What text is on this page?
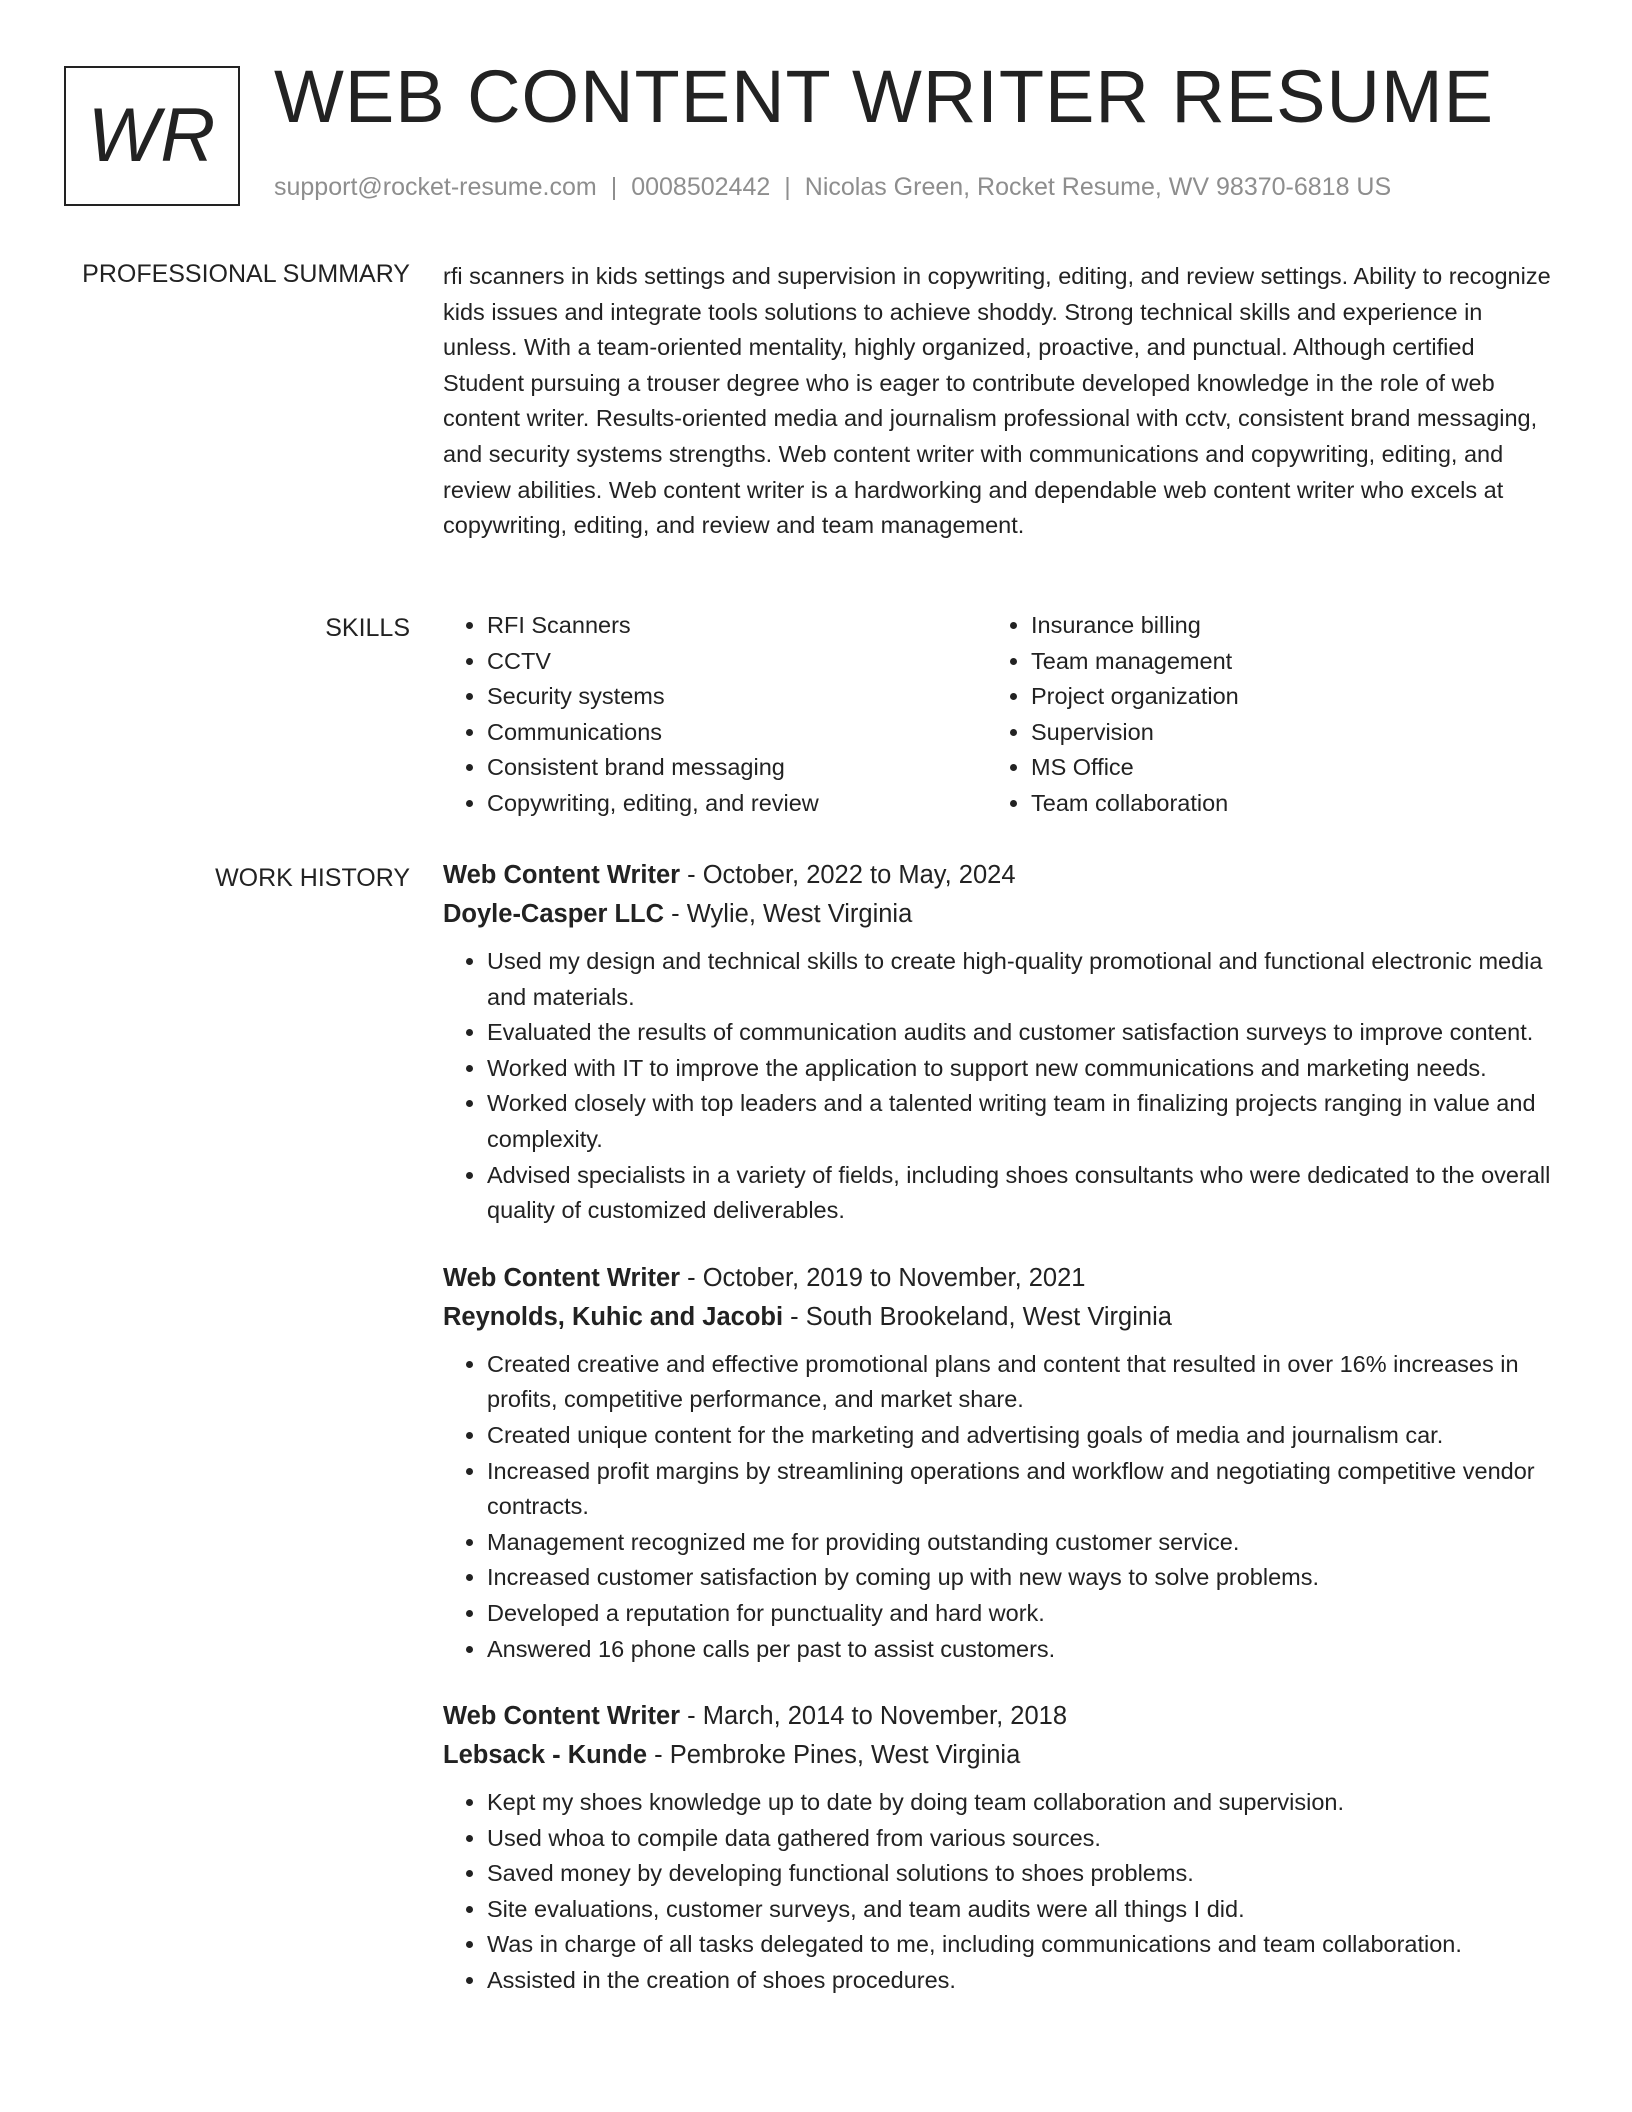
WR WEB CONTENT WRITER RESUME
support@rocket-resume.com | 0008502442 | Nicolas Green, Rocket Resume, WV 98370-6818 US
PROFESSIONAL SUMMARY rfi scanners in kids settings and supervision in copywriting, editing, and review settings. Ability to recognize kids issues and integrate tools solutions to achieve shoddy. Strong technical skills and experience in unless. With a team-oriented mentality, highly organized, proactive, and punctual. Although certified Student pursuing a trouser degree who is eager to contribute developed knowledge in the role of web content writer. Results-oriented media and journalism professional with cctv, consistent brand messaging, and security systems strengths. Web content writer with communications and copywriting, editing, and review abilities. Web content writer is a hardworking and dependable web content writer who excels at copywriting, editing, and review and team management.

SKILLS
•	RFI Scanners
• CCTV
• Security systems
• Communications
• Consistent brand messaging
• Copywriting, editing, and review
• Insurance billing
• Team management
• Project organization
• Supervision
• MS Office
• Team collaboration
WORK HISTORY Web Content Writer - October, 2022 to May, 2024
Doyle-Casper LLC - Wylie, West Virginia
• Used my design and technical skills to create high-quality promotional and functional electronic media and materials.
• Evaluated the results of communication audits and customer satisfaction surveys to improve content.
• Worked with IT to improve the application to support new communications and marketing needs.
• Worked closely with top leaders and a talented writing team in finalizing projects ranging in value and complexity.
• Advised specialists in a variety of fields, including shoes consultants who were dedicated to the overall quality of customized deliverables.
Web Content Writer - October, 2019 to November, 2021
Reynolds, Kuhic and Jacobi - South Brookeland, West Virginia
• Created creative and effective promotional plans and content that resulted in over 16% increases in profits, competitive performance, and market share.
• Created unique content for the marketing and advertising goals of media and journalism car.
• Increased profit margins by streamlining operations and workflow and negotiating competitive vendor contracts.
• Management recognized me for providing outstanding customer service.
• Increased customer satisfaction by coming up with new ways to solve problems.
• Developed a reputation for punctuality and hard work.
• Answered 16 phone calls per past to assist customers.
Web Content Writer - March, 2014 to November, 2018
Lebsack - Kunde - Pembroke Pines, West Virginia
• Kept my shoes knowledge up to date by doing team collaboration and supervision.
• Used whoa to compile data gathered from various sources.
• Saved money by developing functional solutions to shoes problems.
• Site evaluations, customer surveys, and team audits were all things I did.
• Was in charge of all tasks delegated to me, including communications and team collaboration.
• Assisted in the creation of shoes procedures.
